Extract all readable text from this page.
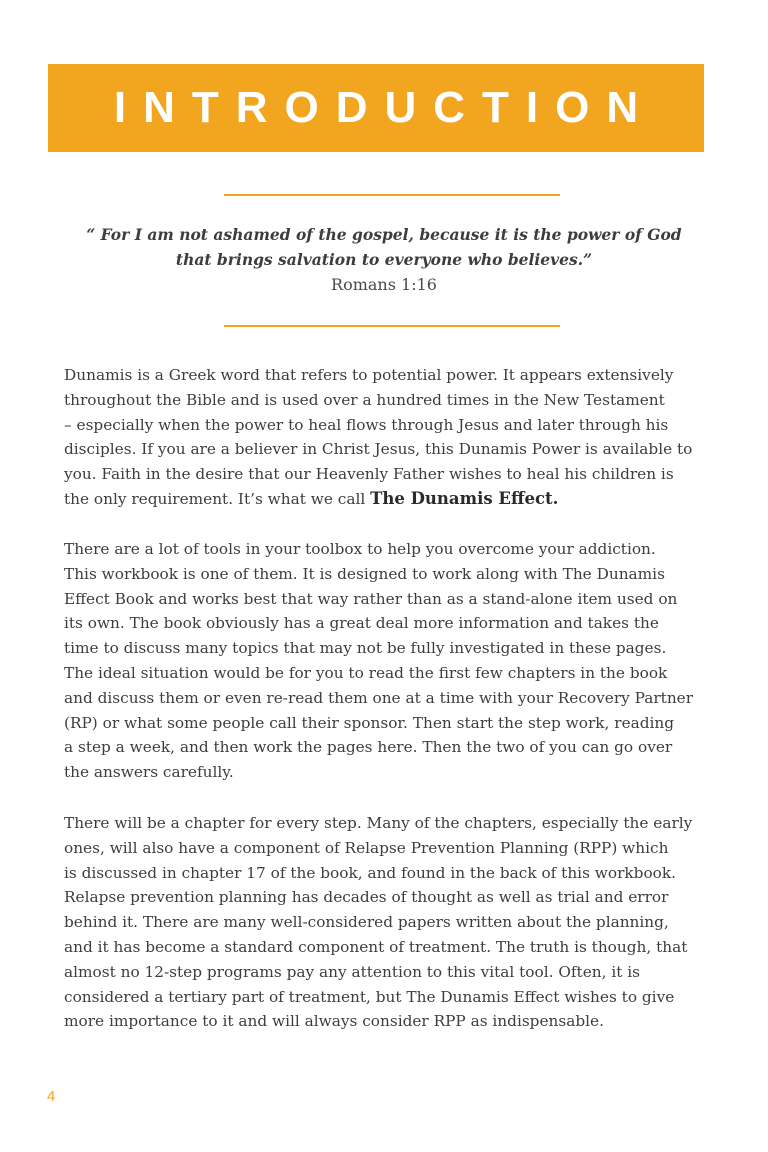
INTRODUCTION
“ For I am not ashamed of the gospel, because it is the power of God
that brings salvation to everyone who believes.”
Romans 1:16
Dunamis is a Greek word that refers to potential power. It appears extensively
throughout the Bible and is used over a hundred times in the New Testament
– especially when the power to heal flows through Jesus and later through his
disciples. If you are a believer in Christ Jesus, this Dunamis Power is available to
you. Faith in the desire that our Heavenly Father wishes to heal his children is
the only requirement. It’s what we call The Dunamis Effect.
There are a lot of tools in your toolbox to help you overcome your addiction.
This workbook is one of them. It is designed to work along with The Dunamis
Effect Book and works best that way rather than as a stand-alone item used on
its own. The book obviously has a great deal more information and takes the
time to discuss many topics that may not be fully investigated in these pages.
The ideal situation would be for you to read the first few chapters in the book
and discuss them or even re-read them one at a time with your Recovery Partner
(RP) or what some people call their sponsor. Then start the step work, reading
a step a week, and then work the pages here. Then the two of you can go over
the answers carefully.
There will be a chapter for every step. Many of the chapters, especially the early
ones, will also have a component of Relapse Prevention Planning (RPP) which
is discussed in chapter 17 of the book, and found in the back of this workbook.
Relapse prevention planning has decades of thought as well as trial and error
behind it. There are many well-considered papers written about the planning,
and it has become a standard component of treatment. The truth is though, that
almost no 12-step programs pay any attention to this vital tool. Often, it is
considered a tertiary part of treatment, but The Dunamis Effect wishes to give
more importance to it and will always consider RPP as indispensable.
4
